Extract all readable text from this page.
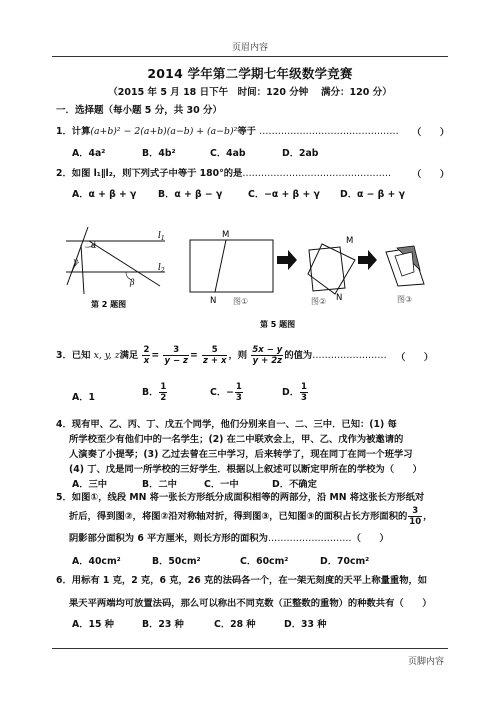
页眉内容
2014 学年第二学期七年级数学竞赛
（2015 年 5 月 18 日下午　时间：120 分钟　 满分：120 分）
一．选择题（每小题 5 分，共 30 分）
1．计算(a+b)² − 2(a+b)(a−b) + (a−b)²等于 ………………………………………	（　　）
A．4a²	B．4b²	C．4ab	D．2ab
2．如图 l₁∥l₂，则下列式子中等于 180°的是…………………………………………	（　　）
A．α + β + γ B．α + β − γ	C．−α + β + γ D．α − β + γ
α
γ
β
$l_1$
$l_2$
M
N
M
N
第 2 题图	图①	图②	图③
第 5 题图
3．已知 x, y, z满足 $\frac{2}{x} = \frac{3}{y - z} = \frac{5}{z + x}$ ，则 $\frac{5x - y}{y + 2z}$ 的值为……………………	（　　）
A．1	B． $\frac{1}{2}$	C．− $\frac{1}{3}$	D． $\frac{1}{3}$
4．现有甲、乙、丙、丁、戊五个同学，他们分别来自一、二、三中．已知：(1) 每
所学校至少有他们中的一名学生；(2) 在二中联欢会上，甲、乙、戊作为被邀请的
人演奏了小提琴；(3) 乙过去曾在三中学习，后来转学了，现在同丁在同一个班学习
(4) 丁、戊是同一所学校的三好学生．根据以上叙述可以断定甲所在的学校为（　　）
A．三中	B．二中	C．一中	D．不确定
5．如图①，线段 MN 将一张长方形纸分成面积相等的两部分，沿 MN 将这张长方形纸对
折后，得到图②，将图②沿对称轴对折，得到图③，已知图③的面积占长方形面积的 $\frac{3}{10}$ ，
阴影部分面积为 6 平方厘米，则长方形的面积为………………………（　　）
A．40cm²	B．50cm²	C．60cm²	D．70cm²
6．用标有 1 克，2 克，6 克，26 克的法码各一个，在一架无刻度的天平上称量重物，如
果天平两端均可放置法码，那么可以称出不同克数（正整数的重物）的种数共有（　　）
A．15 种	B．23 种	C．28 种	D．33 种
页脚内容
